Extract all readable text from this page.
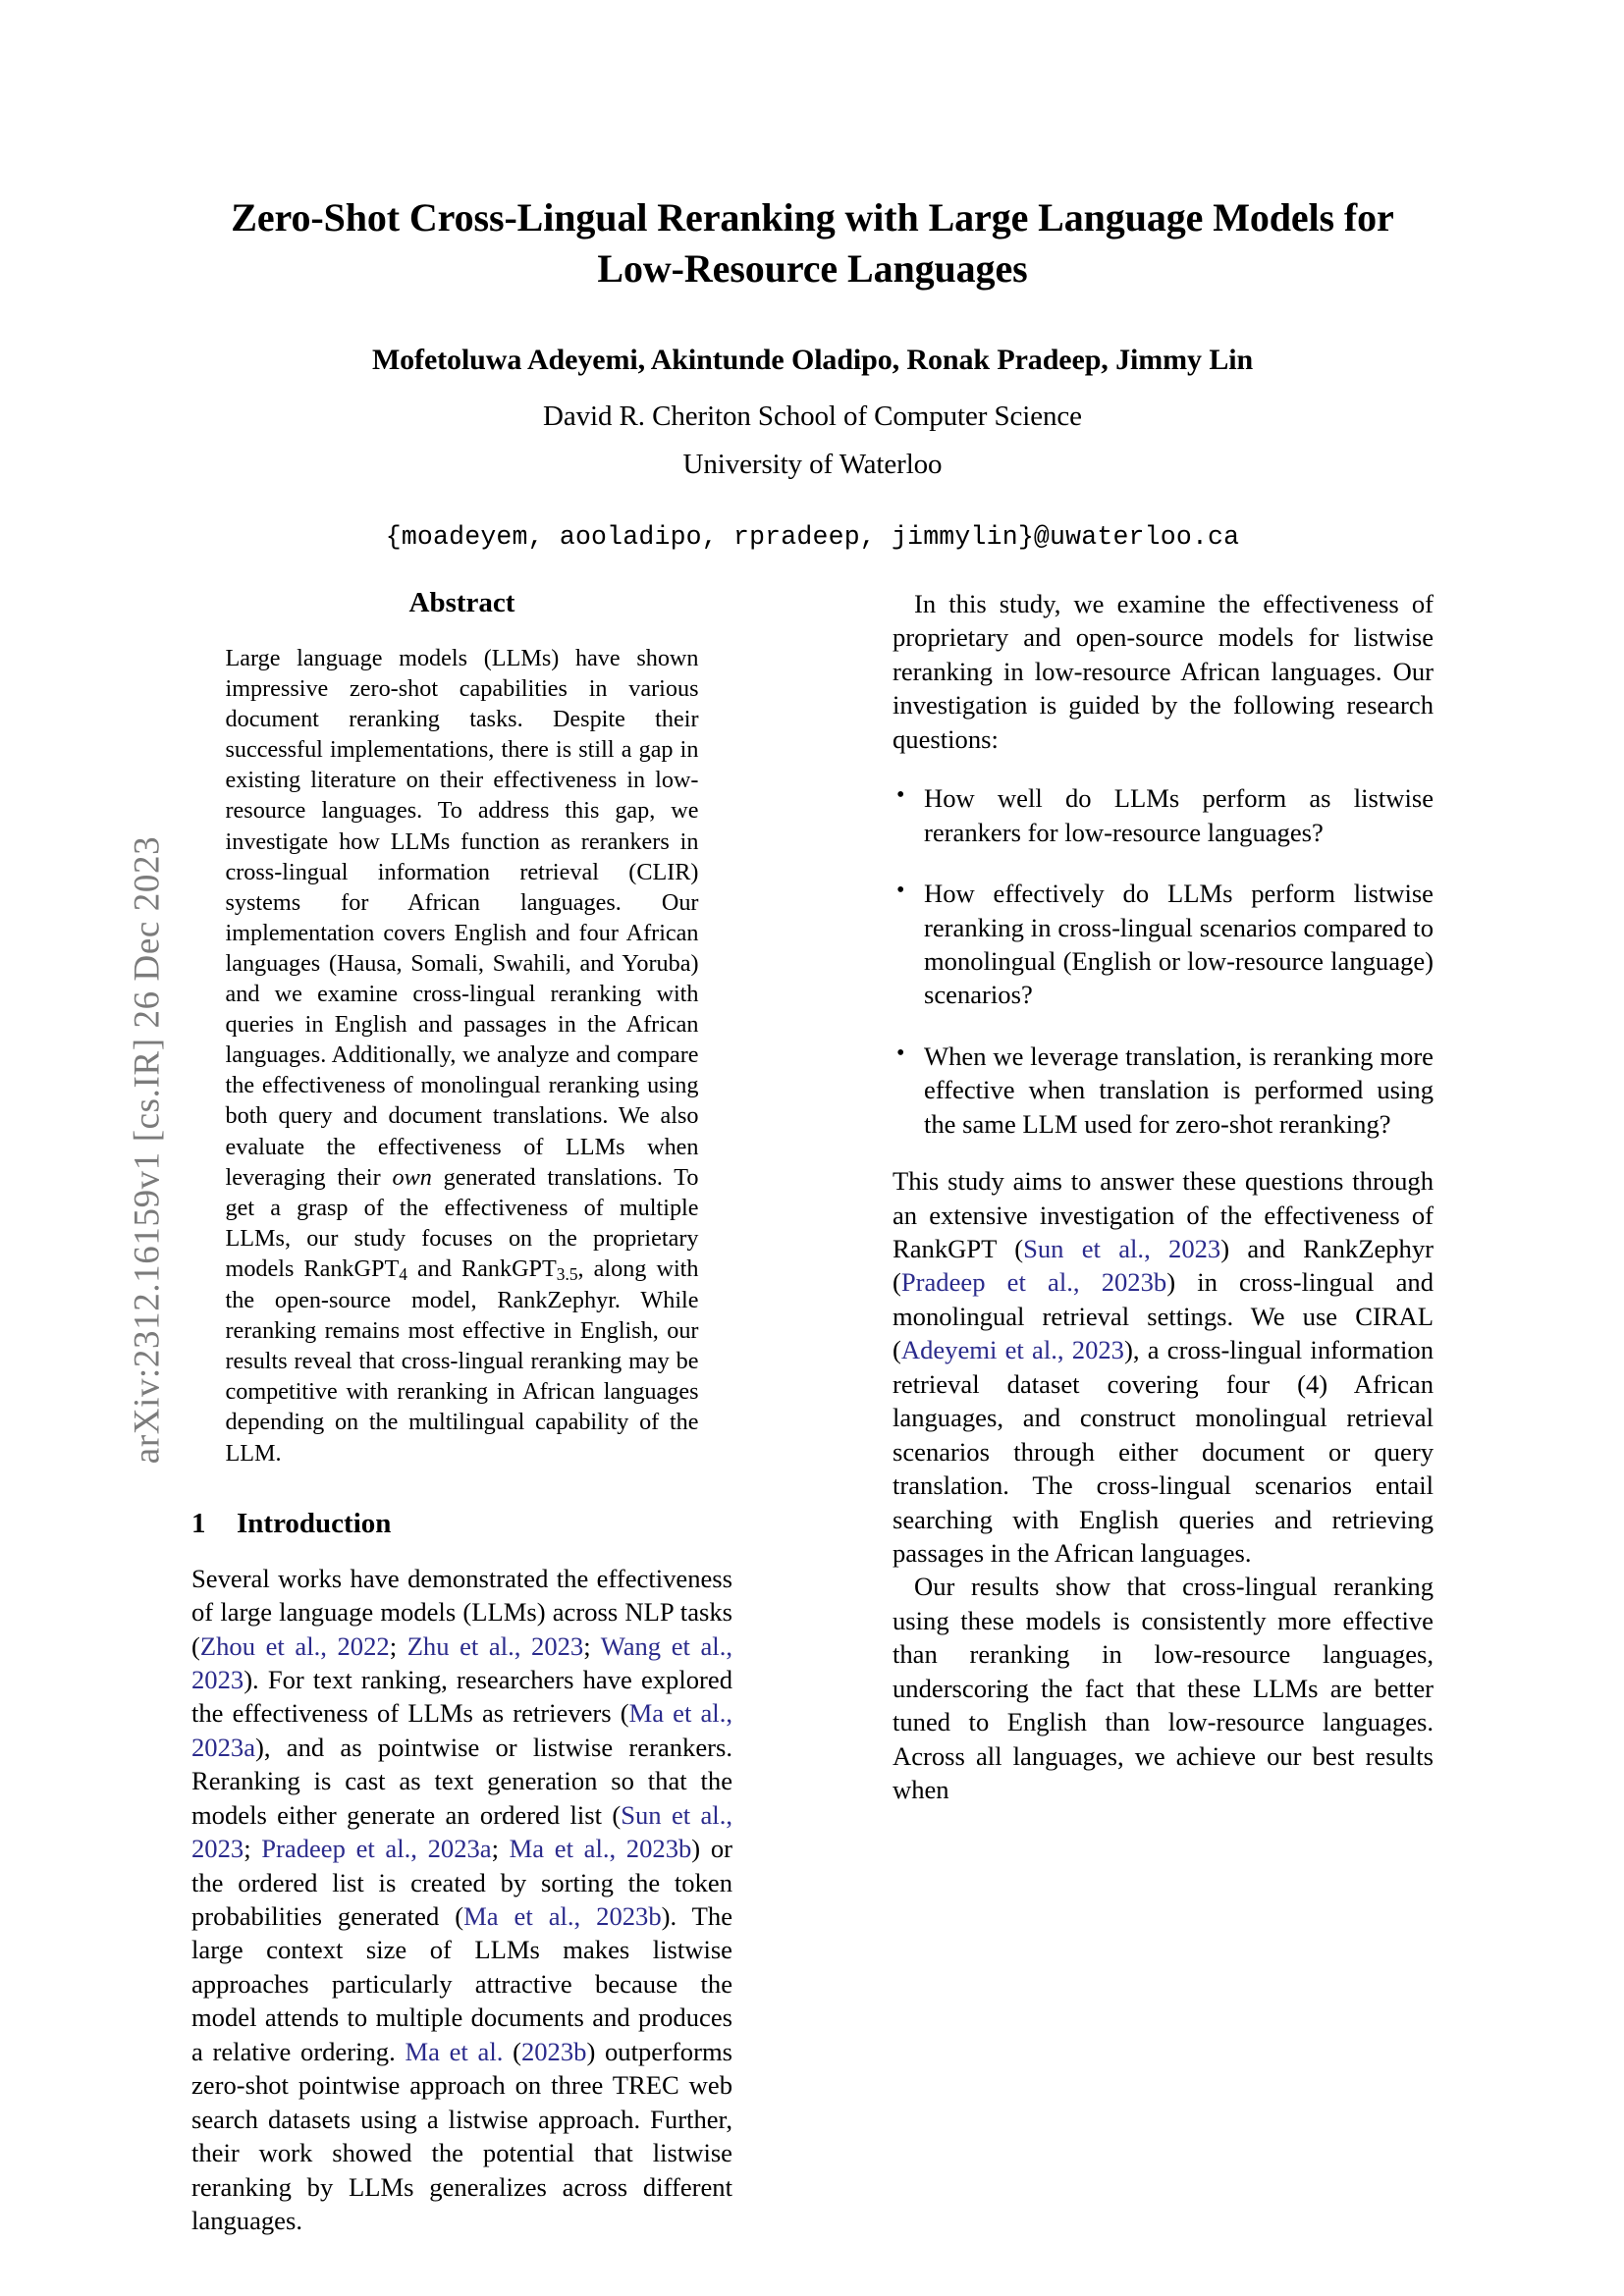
arXiv:2312.16159v1 [cs.IR] 26 Dec 2023
Zero-Shot Cross-Lingual Reranking with Large Language Models for Low-Resource Languages
Mofetoluwa Adeyemi, Akintunde Oladipo, Ronak Pradeep, Jimmy Lin
David R. Cheriton School of Computer Science
University of Waterloo
{moadeyem, aooladipo, rpradeep, jimmylin}@uwaterloo.ca
Abstract
Large language models (LLMs) have shown impressive zero-shot capabilities in various document reranking tasks. Despite their successful implementations, there is still a gap in existing literature on their effectiveness in low-resource languages. To address this gap, we investigate how LLMs function as rerankers in cross-lingual information retrieval (CLIR) systems for African languages. Our implementation covers English and four African languages (Hausa, Somali, Swahili, and Yoruba) and we examine cross-lingual reranking with queries in English and passages in the African languages. Additionally, we analyze and compare the effectiveness of monolingual reranking using both query and document translations. We also evaluate the effectiveness of LLMs when leveraging their own generated translations. To get a grasp of the effectiveness of multiple LLMs, our study focuses on the proprietary models RankGPT$_4$ and RankGPT$_{3.5}$, along with the open-source model, RankZephyr. While reranking remains most effective in English, our results reveal that cross-lingual reranking may be competitive with reranking in African languages depending on the multilingual capability of the LLM.
1 Introduction

Several works have demonstrated the effectiveness of large language models (LLMs) across NLP tasks (Zhou et al., 2022; Zhu et al., 2023; Wang et al., 2023). For text ranking, researchers have explored the effectiveness of LLMs as retrievers (Ma et al., 2023a), and as pointwise or listwise rerankers. Reranking is cast as text generation so that the models either generate an ordered list (Sun et al., 2023; Pradeep et al., 2023a; Ma et al., 2023b) or the ordered list is created by sorting the token probabilities generated (Ma et al., 2023b). The large context size of LLMs makes listwise approaches particularly attractive because the model attends to multiple documents and produces a relative ordering. Ma et al. (2023b) outperforms zero-shot pointwise approach on three TREC web search datasets using a listwise approach. Further, their work showed the potential that listwise reranking by LLMs generalizes across different languages.

In this study, we examine the effectiveness of proprietary and open-source models for listwise reranking in low-resource African languages. Our investigation is guided by the following research questions:

• How well do LLMs perform as listwise rerankers for low-resource languages?
• How effectively do LLMs perform listwise reranking in cross-lingual scenarios compared to monolingual (English or low-resource language) scenarios?
• When we leverage translation, is reranking more effective when translation is performed using the same LLM used for zero-shot reranking?

This study aims to answer these questions through an extensive investigation of the effectiveness of RankGPT (Sun et al., 2023) and RankZephyr (Pradeep et al., 2023b) in cross-lingual and monolingual retrieval settings. We use CIRAL (Adeyemi et al., 2023), a cross-lingual information retrieval dataset covering four (4) African languages, and construct monolingual retrieval scenarios through either document or query translation. The cross-lingual scenarios entail searching with English queries and retrieving passages in the African languages.

Our results show that cross-lingual reranking using these models is consistently more effective than reranking in low-resource languages, underscoring the fact that these LLMs are better tuned to English than low-resource languages. Across all languages, we achieve our best results when
